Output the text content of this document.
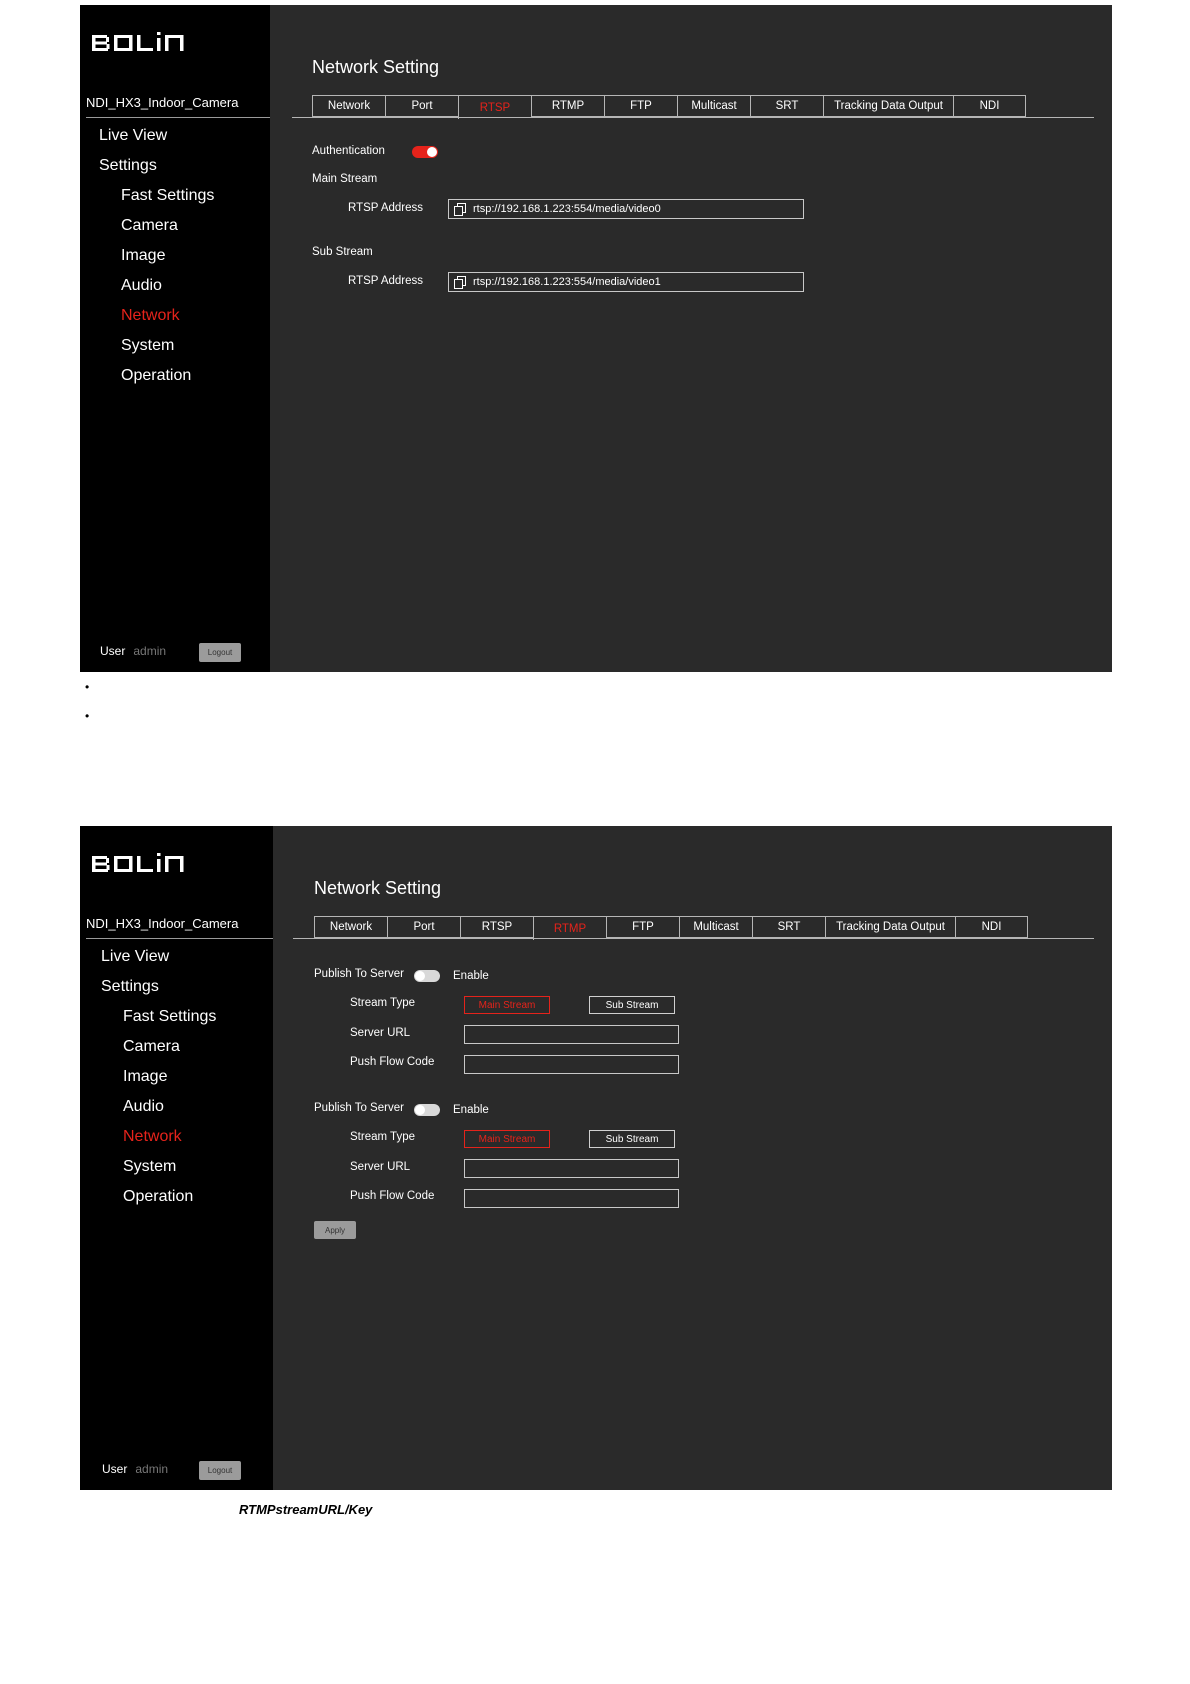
NDI_HX3_Indoor_Camera
Live View
Settings
Fast Settings
Camera
Image
Audio
Network
System
Operation
User admin	Logout
Network Setting
Network	Port	RTSP	RTMP	FTP	Multicast	SRT	Tracking Data Output	NDI
Authentication
Main Stream
RTSP Address	rtsp://192.168.1.223:554/media/video0
Sub Stream
RTSP Address	rtsp://192.168.1.223:554/media/video1
•
•
NDI_HX3_Indoor_Camera
Live View
Settings
Fast Settings
Camera
Image
Audio
Network
System
Operation
User admin	Logout
Network Setting
Network	Port	RTSP	RTMP	FTP	Multicast	SRT	Tracking Data Output	NDI
Publish To Server	Enable
Stream Type	Main Stream	Sub Stream
Server URL
Push Flow Code
Publish To Server	Enable
Stream Type	Main Stream	Sub Stream
Server URL
Push Flow Code
Apply
RTMPstreamURL/Key
